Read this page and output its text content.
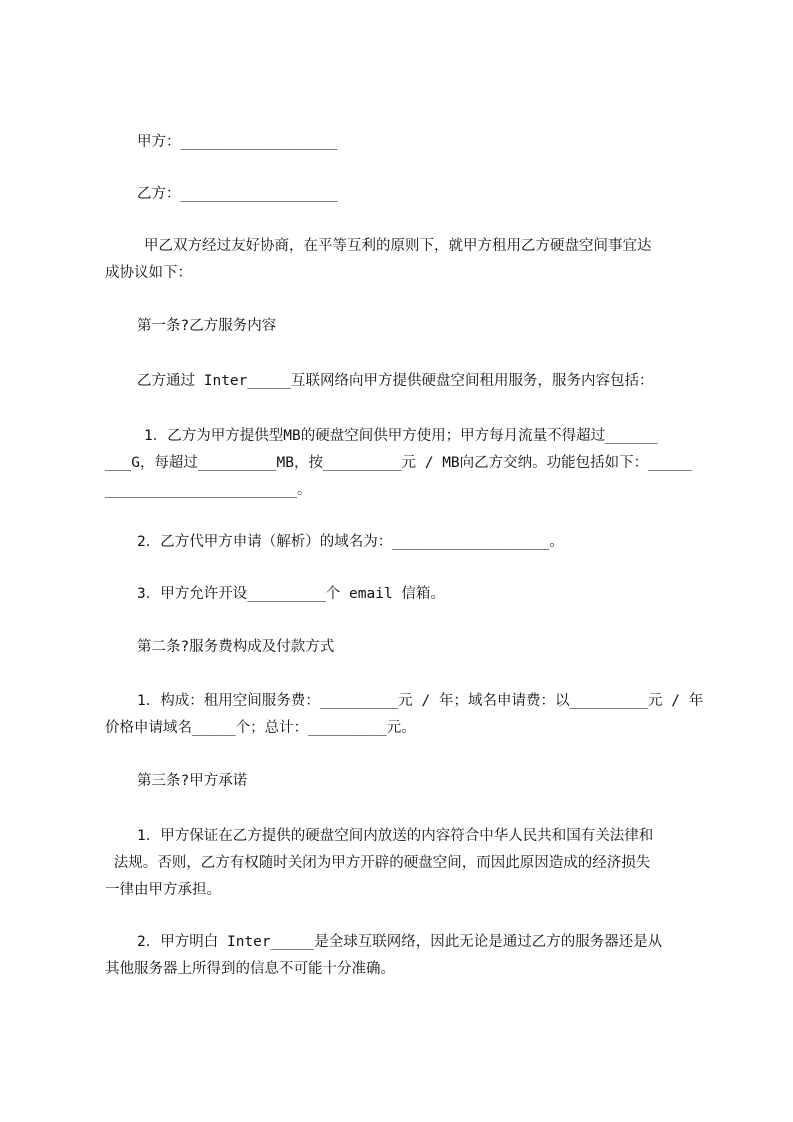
甲方：__________________
乙方：__________________
甲乙双方经过友好协商，在平等互利的原则下，就甲方租用乙方硬盘空间事宜达
成协议如下：
第一条?乙方服务内容
乙方通过 Inter_____互联网络向甲方提供硬盘空间租用服务，服务内容包括：
1．乙方为甲方提供型MB的硬盘空间供甲方使用；甲方每月流量不得超过______
___G，每超过_________MB，按_________元 / MB向乙方交纳。功能包括如下：_____
______________________。
2．乙方代甲方申请（解析）的域名为：__________________。
3．甲方允许开设_________个 email 信箱。
第二条?服务费构成及付款方式
1．构成：租用空间服务费：_________元 / 年；域名申请费：以_________元 / 年
价格申请域名_____个；总计：_________元。
第三条?甲方承诺
1．甲方保证在乙方提供的硬盘空间内放送的内容符合中华人民共和国有关法律和
法规。否则，乙方有权随时关闭为甲方开辟的硬盘空间，而因此原因造成的经济损失
一律由甲方承担。
2．甲方明白 Inter_____是全球互联网络，因此无论是通过乙方的服务器还是从
其他服务器上所得到的信息不可能十分准确。
